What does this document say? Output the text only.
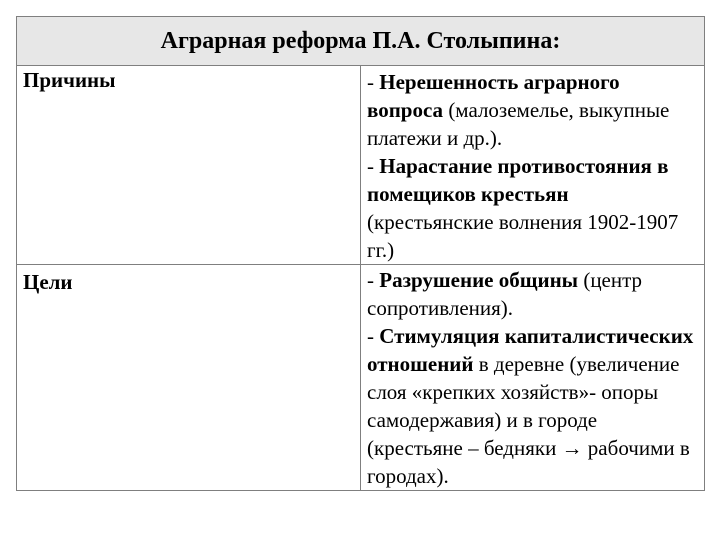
Аграрная реформа П.А. Столыпина:	
Причины	- Нерешенность аграрного вопроса (малоземелье, выкупные платежи и др.).
- Нарастание противостояния в помещиков крестьян (крестьянские волнения 1902-1907 гг.)

Цели	- Разрушение общины (центр сопротивления).
- Стимуляция капиталистических отношений в деревне (увеличение слоя «крепких хозяйств»- опоры самодержавия) и в городе (крестьяне – бедняки → рабочими в городах).
